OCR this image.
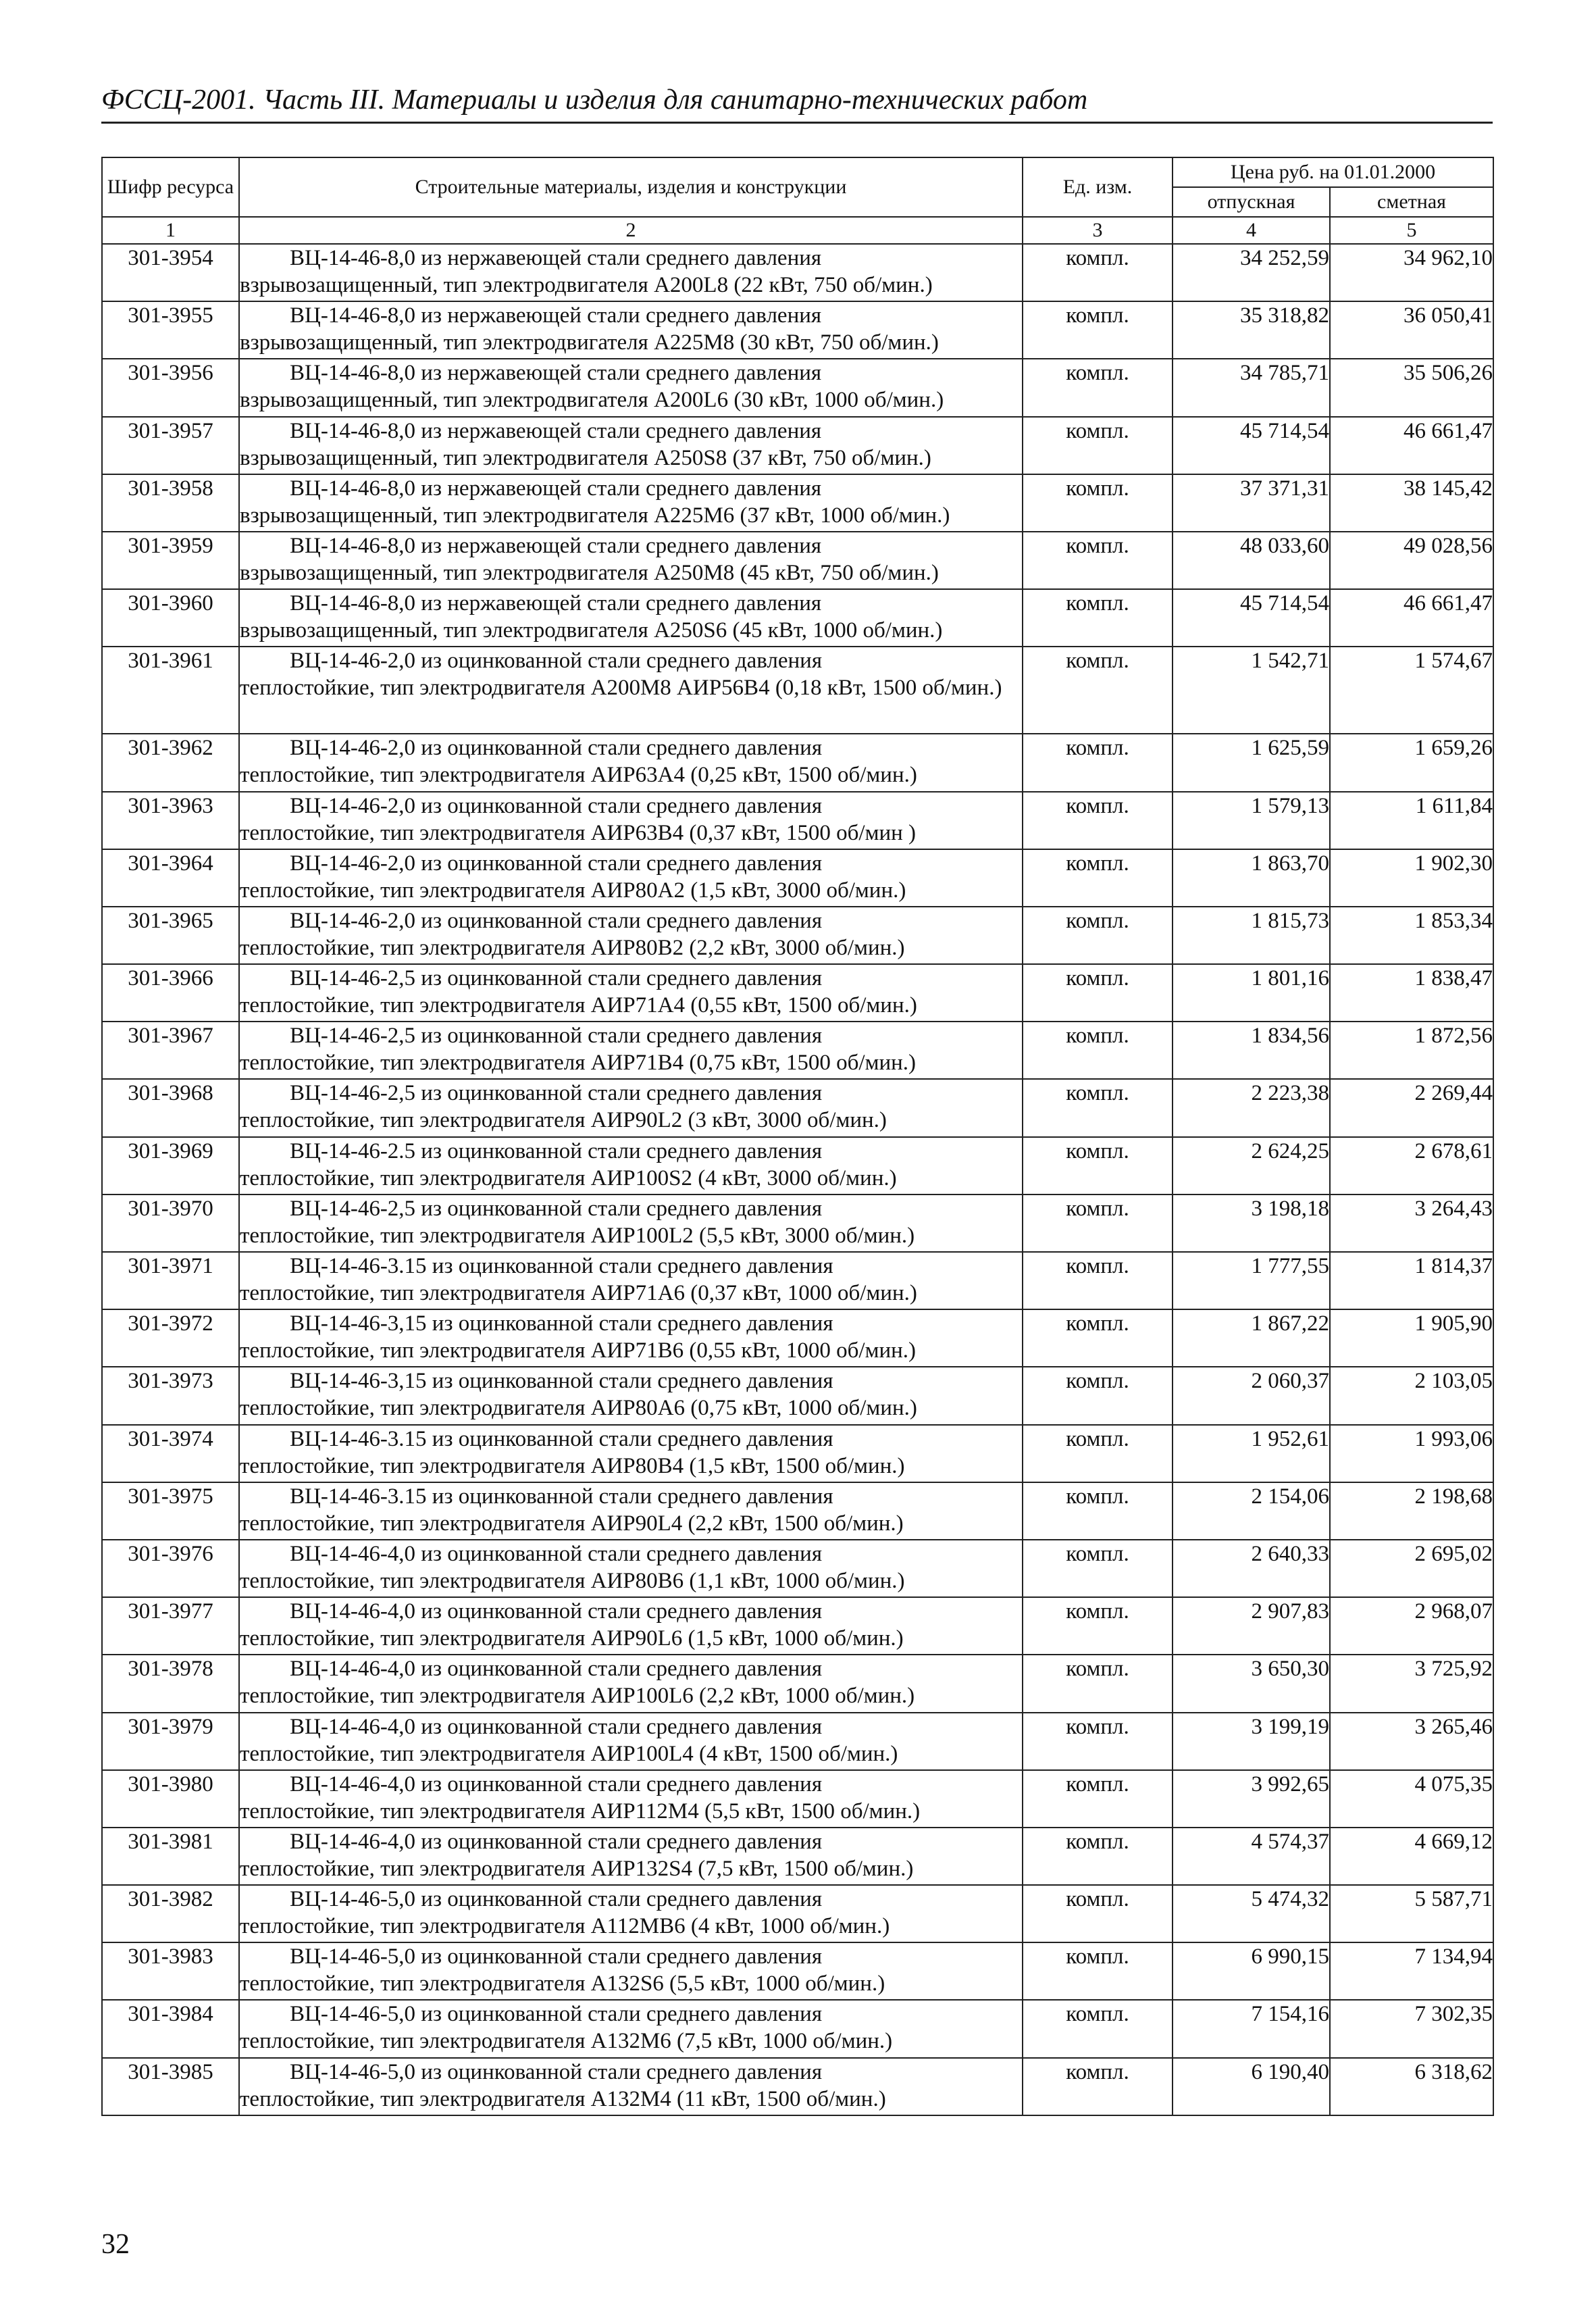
ФССЦ-2001. Часть III. Материалы и изделия для санитарно-технических работ
Шифр ресурса	Строительные материалы, изделия и конструкции	Ед. изм.	Цена руб. на 01.01.2000	
			отпускная	сметная
1	2	3	4	5
301-3954	ВЦ-14-46-8,0 из нержавеющей стали среднего давления
взрывозащищенный, тип электродвигателя А200L8 (22 кВт, 750 об/мин.)	компл.	34 252,59	34 962,10
301-3955	ВЦ-14-46-8,0 из нержавеющей стали среднего давления
взрывозащищенный, тип электродвигателя А225М8 (30 кВт, 750 об/мин.)	компл.	35 318,82	36 050,41
301-3956	ВЦ-14-46-8,0 из нержавеющей стали среднего давления
взрывозащищенный, тип электродвигателя А200L6 (30 кВт, 1000 об/мин.)	компл.	34 785,71	35 506,26
301-3957	ВЦ-14-46-8,0 из нержавеющей стали среднего давления
взрывозащищенный, тип электродвигателя А250S8 (37 кВт, 750 об/мин.)	компл.	45 714,54	46 661,47
301-3958	ВЦ-14-46-8,0 из нержавеющей стали среднего давления
взрывозащищенный, тип электродвигателя А225М6 (37 кВт, 1000 об/мин.)	компл.	37 371,31	38 145,42
301-3959	ВЦ-14-46-8,0 из нержавеющей стали среднего давления
взрывозащищенный, тип электродвигателя А250М8 (45 кВт, 750 об/мин.)	компл.	48 033,60	49 028,56
301-3960	ВЦ-14-46-8,0 из нержавеющей стали среднего давления
взрывозащищенный, тип электродвигателя А250S6 (45 кВт, 1000 об/мин.)	компл.	45 714,54	46 661,47
301-3961	ВЦ-14-46-2,0 из оцинкованной стали среднего давления
теплостойкие, тип электродвигателя А200М8 АИР56В4 (0,18 кВт, 1500 об/мин.)	компл.	1 542,71	1 574,67
301-3962	ВЦ-14-46-2,0 из оцинкованной стали среднего давления
теплостойкие, тип электродвигателя АИР63А4 (0,25 кВт, 1500 об/мин.)	компл.	1 625,59	1 659,26
301-3963	ВЦ-14-46-2,0 из оцинкованной стали среднего давления
теплостойкие, тип электродвигателя АИР63В4 (0,37 кВт, 1500 об/мин )	компл.	1 579,13	1 611,84
301-3964	ВЦ-14-46-2,0 из оцинкованной стали среднего давления
теплостойкие, тип электродвигателя АИР80А2 (1,5 кВт, 3000 об/мин.)	компл.	1 863,70	1 902,30
301-3965	ВЦ-14-46-2,0 из оцинкованной стали среднего давления
теплостойкие, тип электродвигателя АИР80В2 (2,2 кВт, 3000 об/мин.)	компл.	1 815,73	1 853,34
301-3966	ВЦ-14-46-2,5 из оцинкованной стали среднего давления
теплостойкие, тип электродвигателя АИР71А4 (0,55 кВт, 1500 об/мин.)	компл.	1 801,16	1 838,47
301-3967	ВЦ-14-46-2,5 из оцинкованной стали среднего давления
теплостойкие, тип электродвигателя АИР71В4 (0,75 кВт, 1500 об/мин.)	компл.	1 834,56	1 872,56
301-3968	ВЦ-14-46-2,5 из оцинкованной стали среднего давления
теплостойкие, тип электродвигателя АИР90L2 (3 кВт, 3000 об/мин.)	компл.	2 223,38	2 269,44
301-3969	ВЦ-14-46-2.5 из оцинкованной стали среднего давления
теплостойкие, тип электродвигателя АИР100S2 (4 кВт, 3000 об/мин.)	компл.	2 624,25	2 678,61
301-3970	ВЦ-14-46-2,5 из оцинкованной стали среднего давления
теплостойкие, тип электродвигателя АИР100L2 (5,5 кВт, 3000 об/мин.)	компл.	3 198,18	3 264,43
301-3971	ВЦ-14-46-3.15 из оцинкованной стали среднего давления
теплостойкие, тип электродвигателя АИР71А6 (0,37 кВт, 1000 об/мин.)	компл.	1 777,55	1 814,37
301-3972	ВЦ-14-46-3,15 из оцинкованной стали среднего давления
теплостойкие, тип электродвигателя АИР71В6 (0,55 кВт, 1000 об/мин.)	компл.	1 867,22	1 905,90
301-3973	ВЦ-14-46-3,15 из оцинкованной стали среднего давления
теплостойкие, тип электродвигателя АИР80А6 (0,75 кВт, 1000 об/мин.)	компл.	2 060,37	2 103,05
301-3974	ВЦ-14-46-3.15 из оцинкованной стали среднего давления
теплостойкие, тип электродвигателя АИР80В4 (1,5 кВт, 1500 об/мин.)	компл.	1 952,61	1 993,06
301-3975	ВЦ-14-46-3.15 из оцинкованной стали среднего давления
теплостойкие, тип электродвигателя АИР90L4 (2,2 кВт, 1500 об/мин.)	компл.	2 154,06	2 198,68
301-3976	ВЦ-14-46-4,0 из оцинкованной стали среднего давления
теплостойкие, тип электродвигателя АИР80В6 (1,1 кВт, 1000 об/мин.)	компл.	2 640,33	2 695,02
301-3977	ВЦ-14-46-4,0 из оцинкованной стали среднего давления
теплостойкие, тип электродвигателя АИР90L6 (1,5 кВт, 1000 об/мин.)	компл.	2 907,83	2 968,07
301-3978	ВЦ-14-46-4,0 из оцинкованной стали среднего давления
теплостойкие, тип электродвигателя АИР100L6 (2,2 кВт, 1000 об/мин.)	компл.	3 650,30	3 725,92
301-3979	ВЦ-14-46-4,0 из оцинкованной стали среднего давления
теплостойкие, тип электродвигателя АИР100L4 (4 кВт, 1500 об/мин.)	компл.	3 199,19	3 265,46
301-3980	ВЦ-14-46-4,0 из оцинкованной стали среднего давления
теплостойкие, тип электродвигателя АИР112М4 (5,5 кВт, 1500 об/мин.)	компл.	3 992,65	4 075,35
301-3981	ВЦ-14-46-4,0 из оцинкованной стали среднего давления
теплостойкие, тип электродвигателя АИР132S4 (7,5 кВт, 1500 об/мин.)	компл.	4 574,37	4 669,12
301-3982	ВЦ-14-46-5,0 из оцинкованной стали среднего давления
теплостойкие, тип электродвигателя А112МВ6 (4 кВт, 1000 об/мин.)	компл.	5 474,32	5 587,71
301-3983	ВЦ-14-46-5,0 из оцинкованной стали среднего давления
теплостойкие, тип электродвигателя А132S6 (5,5 кВт, 1000 об/мин.)	компл.	6 990,15	7 134,94
301-3984	ВЦ-14-46-5,0 из оцинкованной стали среднего давления
теплостойкие, тип электродвигателя А132М6 (7,5 кВт, 1000 об/мин.)	компл.	7 154,16	7 302,35
301-3985	ВЦ-14-46-5,0 из оцинкованной стали среднего давления
теплостойкие, тип электродвигателя А132М4 (11 кВт, 1500 об/мин.)	компл.	6 190,40	6 318,62
32
